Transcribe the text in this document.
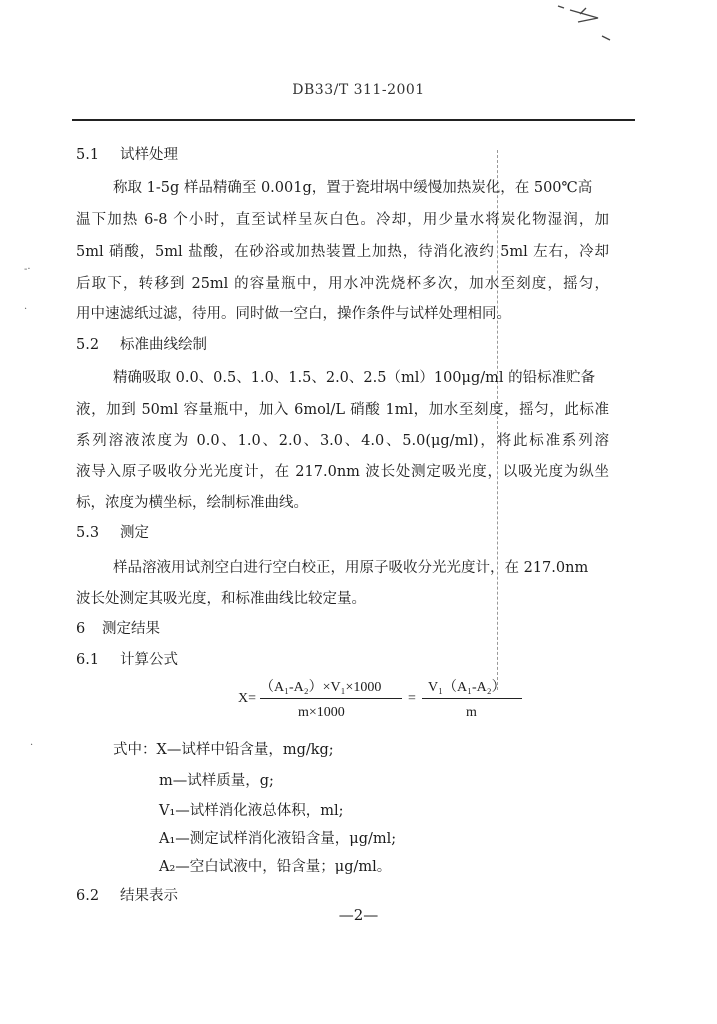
-·
·
·
DB33/T 311-2001
5.1 试样处理
称取 1-5g 样品精确至 0.001g，置于瓷坩埚中缓慢加热炭化，在 500℃高
温下加热 6-8 个小时，直至试样呈灰白色。冷却，用少量水将炭化物湿润，加
5ml 硝酸，5ml 盐酸，在砂浴或加热装置上加热，待消化液约 5ml 左右，冷却
后取下，转移到 25ml 的容量瓶中，用水冲洗烧杯多次，加水至刻度，摇匀，
用中速滤纸过滤，待用。同时做一空白，操作条件与试样处理相同。
5.2 标准曲线绘制
精确吸取 0.0、0.5、1.0、1.5、2.0、2.5（ml）100μg/ml 的铅标准贮备
液，加到 50ml 容量瓶中，加入 6mol/L 硝酸 1ml，加水至刻度，摇匀，此标准
系列溶液浓度为 0.0、1.0、2.0、3.0、4.0、5.0(μg/ml)，将此标准系列溶
液导入原子吸收分光光度计，在 217.0nm 波长处测定吸光度，以吸光度为纵坐
标，浓度为横坐标，绘制标准曲线。
5.3 测定
样品溶液用试剂空白进行空白校正，用原子吸收分光光度计，在 217.0nm
波长处测定其吸光度，和标准曲线比较定量。
6 测定结果
6.1 计算公式
X=
（A₁-A₂）×V₁×1000
m×1000
=
V₁（A₁-A₂）
m
式中：X—试样中铅含量，mg/kg;
m—试样质量，g;
V₁—试样消化液总体积，ml;
A₁—测定试样消化液铅含量，μg/ml;
A₂—空白试液中，铅含量；μg/ml。
6.2 结果表示
—2—
